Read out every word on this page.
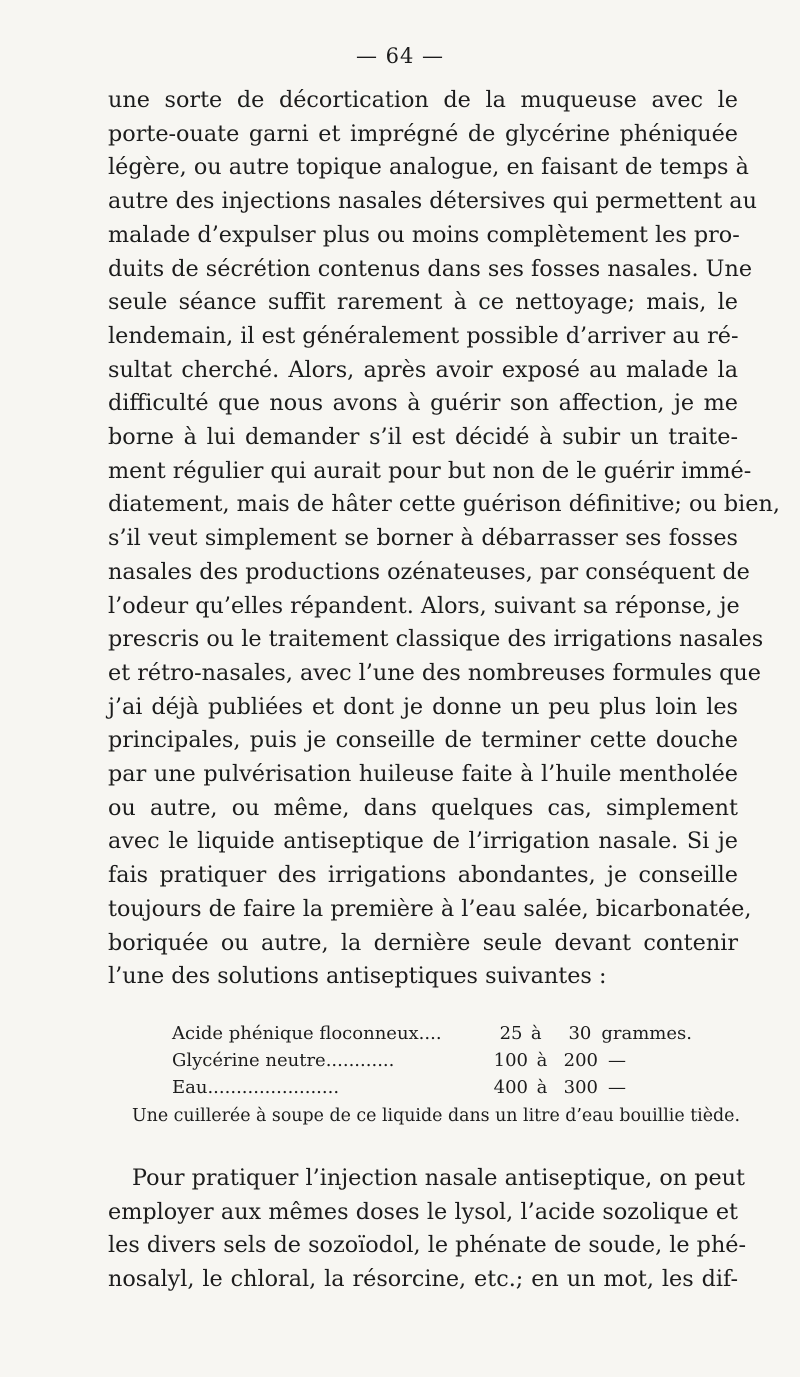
— 64 —
une sorte de décortication de la muqueuse avec le
porte-ouate garni et imprégné de glycérine phéniquée
légère, ou autre topique analogue, en faisant de temps à
autre des injections nasales détersives qui permettent au
malade d’expulser plus ou moins complètement les pro-
duits de sécrétion contenus dans ses fosses nasales. Une
seule séance suffit rarement à ce nettoyage; mais, le
lendemain, il est généralement possible d’arriver au ré-
sultat cherché. Alors, après avoir exposé au malade la
difficulté que nous avons à guérir son affection, je me
borne à lui demander s’il est décidé à subir un traite-
ment régulier qui aurait pour but non de le guérir immé-
diatement, mais de hâter cette guérison définitive; ou bien,
s’il veut simplement se borner à débarrasser ses fosses
nasales des productions ozénateuses, par conséquent de
l’odeur qu’elles répandent. Alors, suivant sa réponse, je
prescris ou le traitement classique des irrigations nasales
et rétro-nasales, avec l’une des nombreuses formules que
j’ai déjà publiées et dont je donne un peu plus loin les
principales, puis je conseille de terminer cette douche
par une pulvérisation huileuse faite à l’huile mentholée
ou autre, ou même, dans quelques cas, simplement
avec le liquide antiseptique de l’irrigation nasale. Si je
fais pratiquer des irrigations abondantes, je conseille
toujours de faire la première à l’eau salée, bicarbonatée,
boriquée ou autre, la dernière seule devant contenir
l’une des solutions antiseptiques suivantes :
Acide phénique floconneux....	25 à	30 grammes.
Glycérine neutre............	100 à 200 —
Eau.......................	400 à 300 —
Une cuillerée à soupe de ce liquide dans un litre d’eau bouillie tiède.
Pour pratiquer l’injection nasale antiseptique, on peut
employer aux mêmes doses le lysol, l’acide sozolique et
les divers sels de sozoïodol, le phénate de soude, le phé-
nosalyl, le chloral, la résorcine, etc.; en un mot, les dif-
